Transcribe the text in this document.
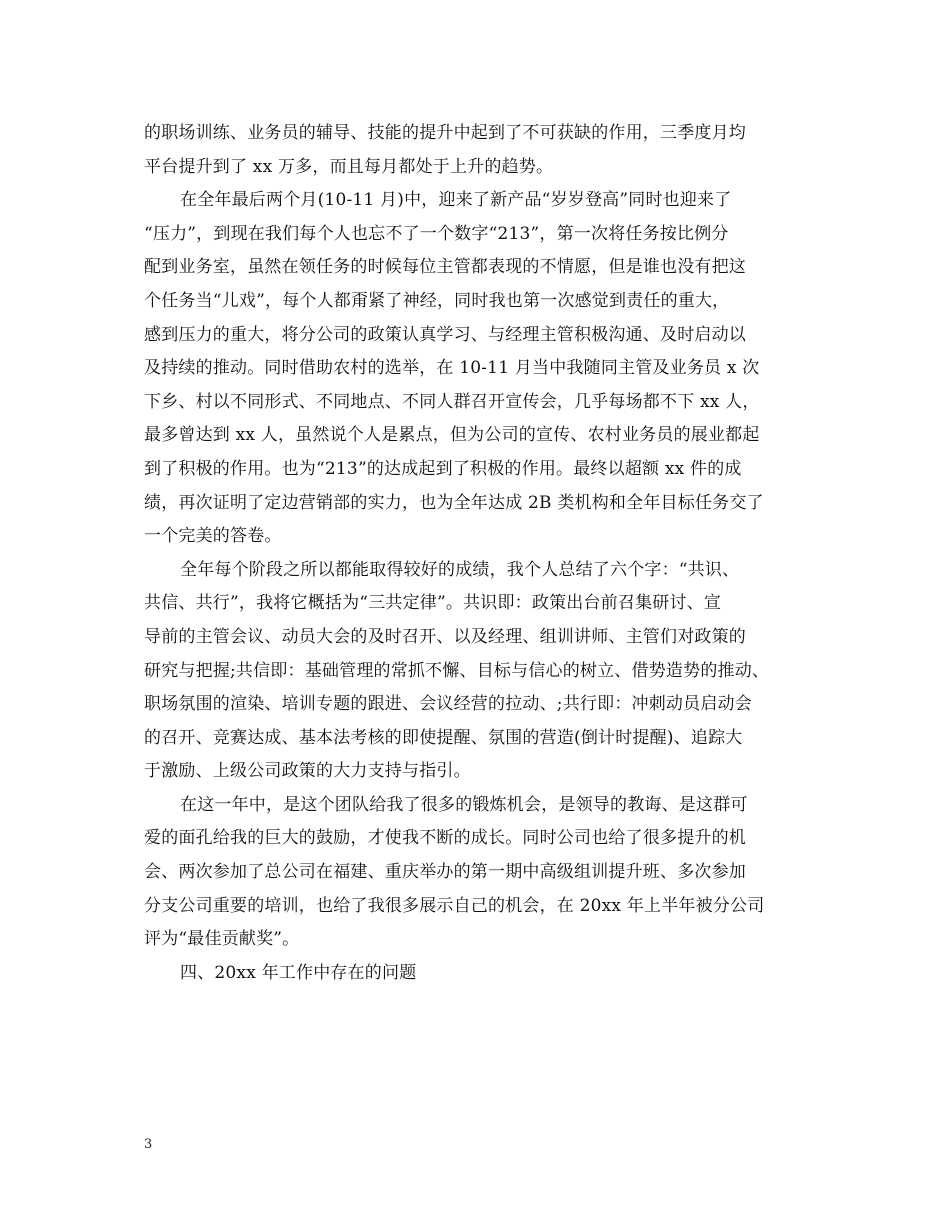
的职场训练、业务员的辅导、技能的提升中起到了不可获缺的作用，三季度月均
平台提升到了 xx 万多，而且每月都处于上升的趋势。
在全年最后两个月(10-11 月)中，迎来了新产品“岁岁登高”同时也迎来了
“压力”，到现在我们每个人也忘不了一个数字“213”，第一次将任务按比例分
配到业务室，虽然在领任务的时候每位主管都表现的不情愿，但是谁也没有把这
个任务当“儿戏”，每个人都甭紧了神经，同时我也第一次感觉到责任的重大，
感到压力的重大，将分公司的政策认真学习、与经理主管积极沟通、及时启动以
及持续的推动。同时借助农村的选举，在 10-11 月当中我随同主管及业务员 x 次
下乡、村以不同形式、不同地点、不同人群召开宣传会，几乎每场都不下 xx 人，
最多曾达到 xx 人，虽然说个人是累点，但为公司的宣传、农村业务员的展业都起
到了积极的作用。也为“213”的达成起到了积极的作用。最终以超额 xx 件的成
绩，再次证明了定边营销部的实力，也为全年达成 2B 类机构和全年目标任务交了
一个完美的答卷。
全年每个阶段之所以都能取得较好的成绩，我个人总结了六个字：“共识、
共信、共行”，我将它概括为“三共定律”。共识即：政策出台前召集研讨、宣
导前的主管会议、动员大会的及时召开、以及经理、组训讲师、主管们对政策的
研究与把握;共信即：基础管理的常抓不懈、目标与信心的树立、借势造势的推动、
职场氛围的渲染、培训专题的跟进、会议经营的拉动、;共行即：冲刺动员启动会
的召开、竞赛达成、基本法考核的即使提醒、氛围的营造(倒计时提醒)、追踪大
于激励、上级公司政策的大力支持与指引。
在这一年中，是这个团队给我了很多的锻炼机会，是领导的教诲、是这群可
爱的面孔给我的巨大的鼓励，才使我不断的成长。同时公司也给了很多提升的机
会、两次参加了总公司在福建、重庆举办的第一期中高级组训提升班、多次参加
分支公司重要的培训，也给了我很多展示自己的机会，在 20xx 年上半年被分公司
评为“最佳贡献奖”。
四、20xx 年工作中存在的问题
3
